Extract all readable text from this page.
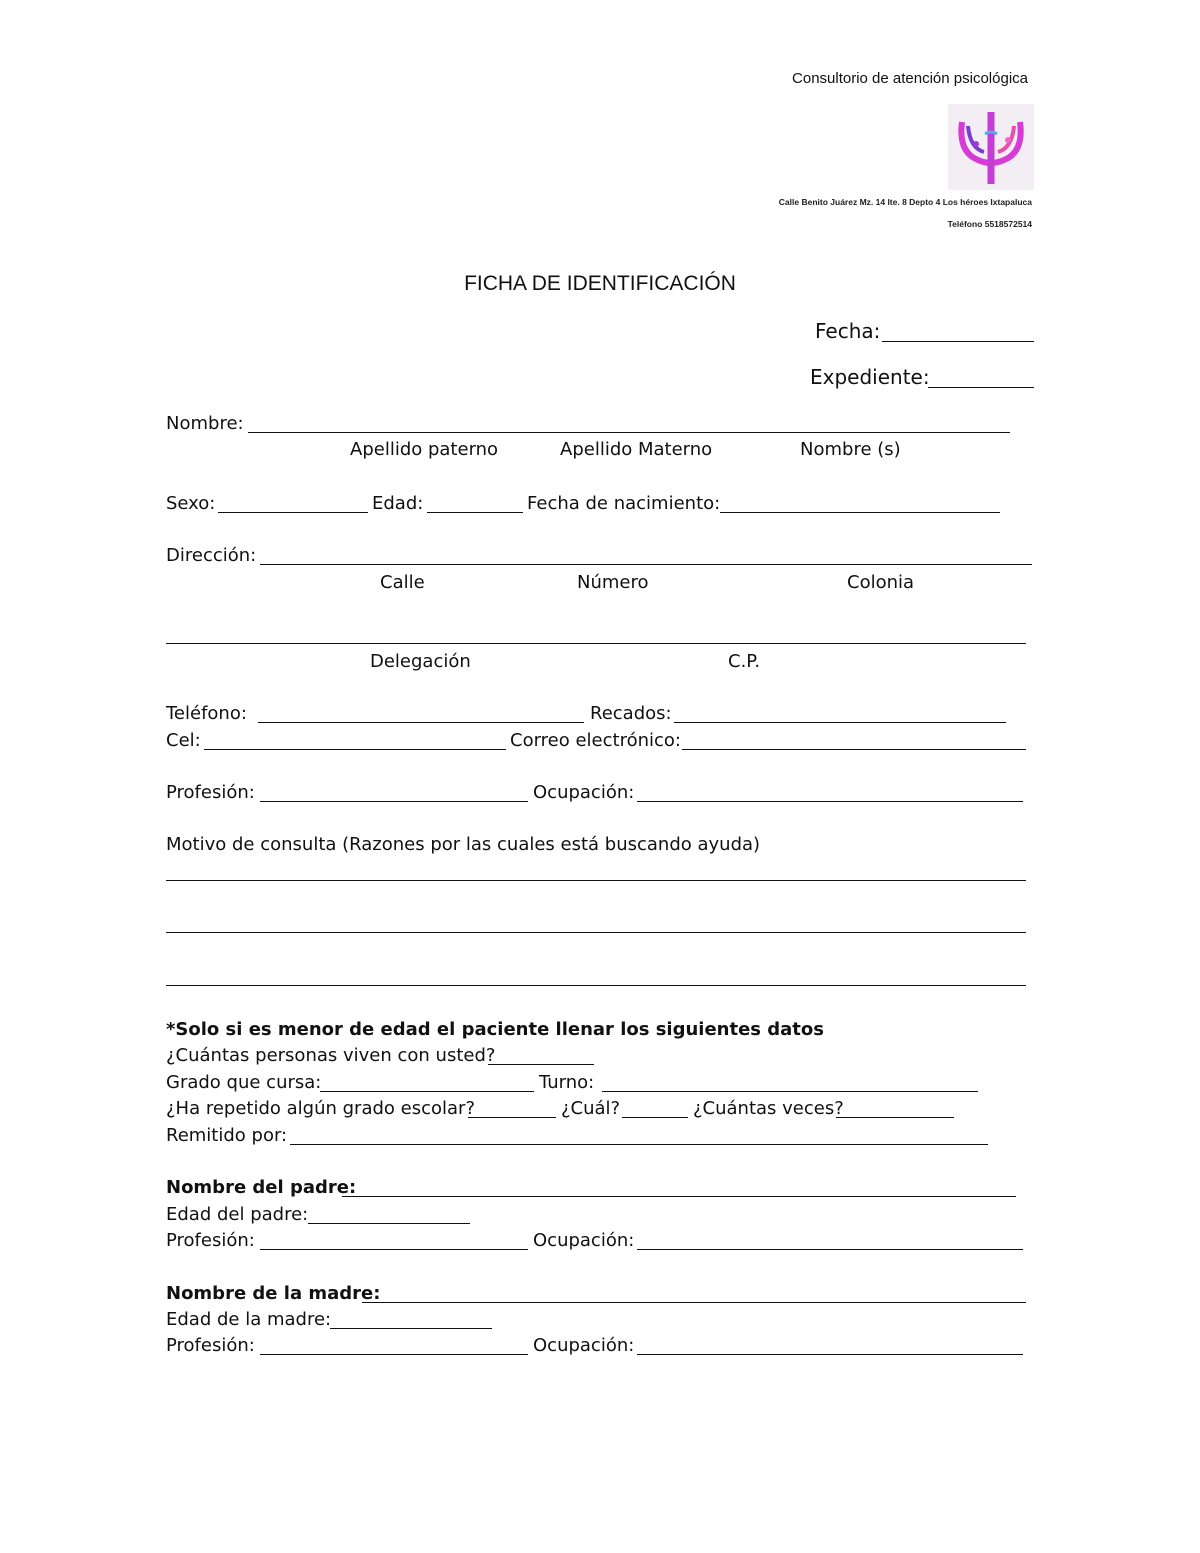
Consultorio de atención psicológica
Calle Benito Juárez Mz. 14 lte. 8 Depto 4 Los héroes Ixtapaluca
Teléfono 5518572514
FICHA DE IDENTIFICACIÓN
Fecha:
Expediente:
Nombre:
Apellido paterno	Apellido Materno	Nombre (s)
Sexo:	Edad:	Fecha de nacimiento:
Dirección:
Calle	Número	Colonia
Delegación	C.P.
Teléfono:	Recados:
Cel:	Correo electrónico:
Profesión:	Ocupación:
Motivo de consulta (Razones por las cuales está buscando ayuda)
*Solo si es menor de edad el paciente llenar los siguientes datos
¿Cuántas personas viven con usted?
Grado que cursa:	Turno:
¿Ha repetido algún grado escolar?	¿Cuál?	¿Cuántas veces?
Remitido por:
Nombre del padre:
Edad del padre:
Profesión:	Ocupación:
Nombre de la madre:
Edad de la madre:
Profesión:	Ocupación:
